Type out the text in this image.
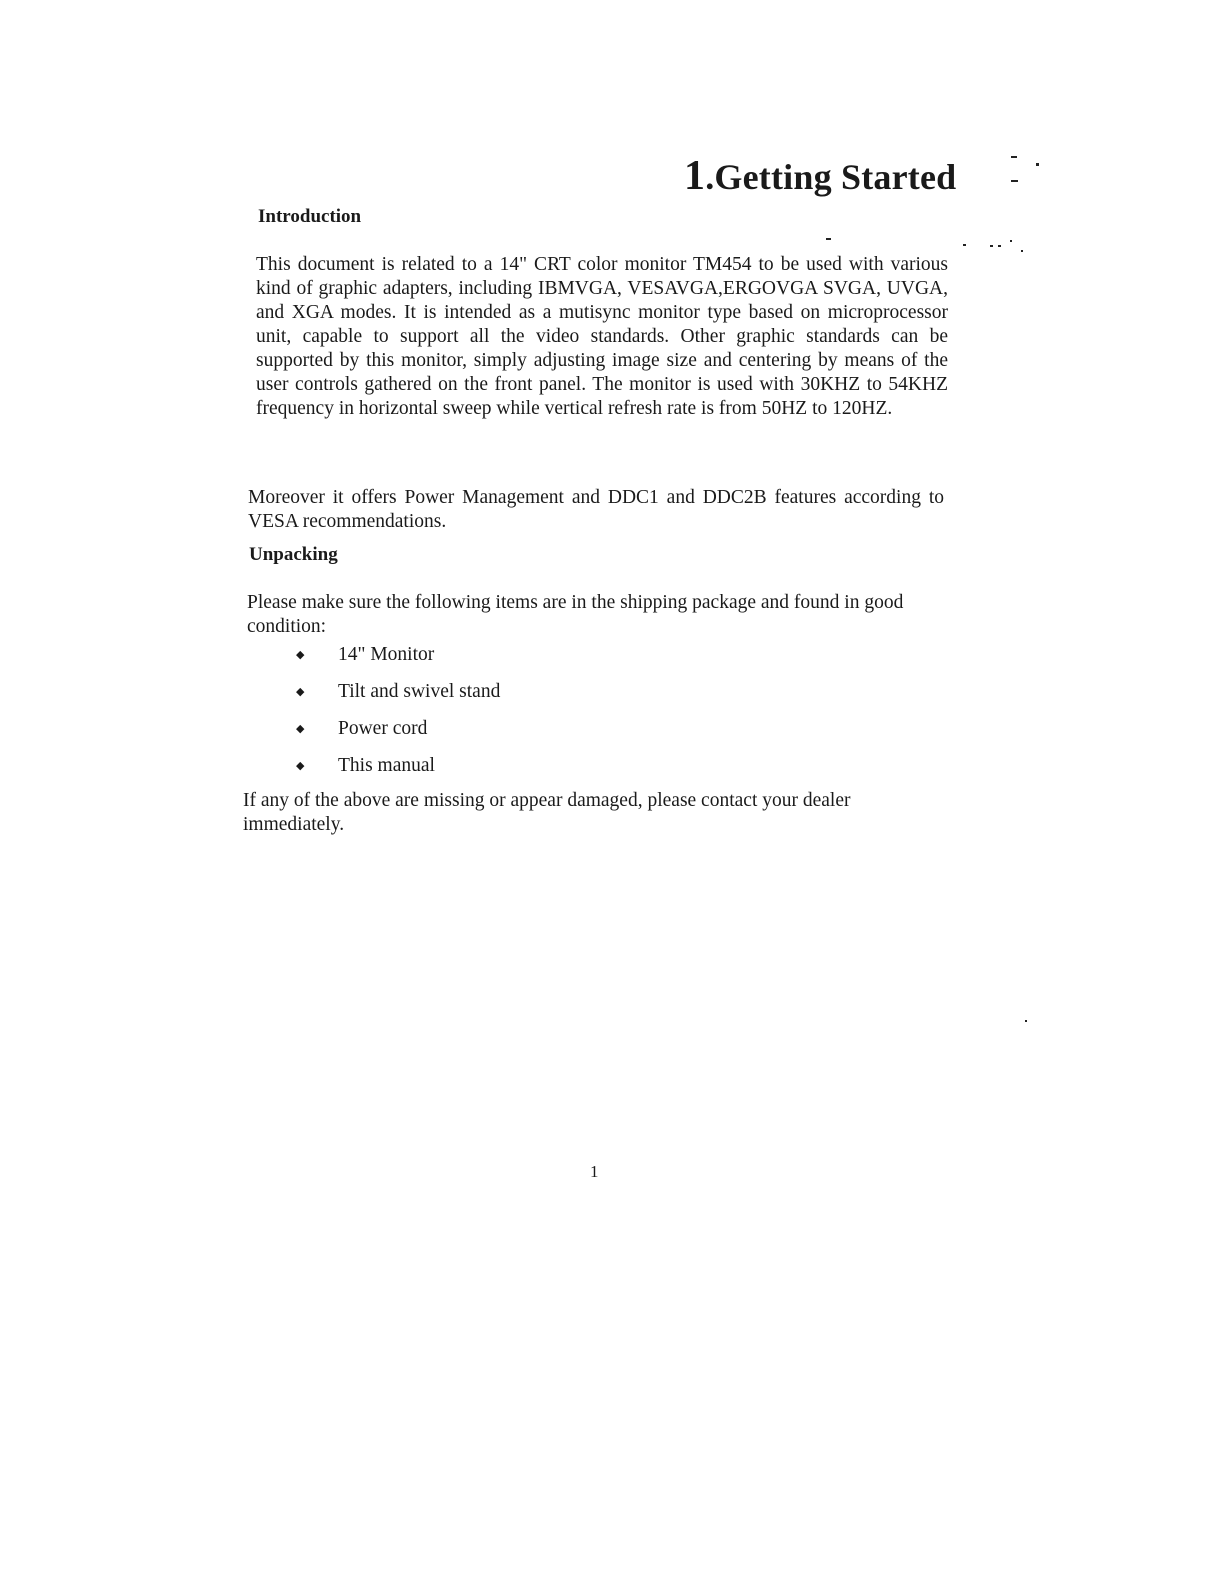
1.Getting Started
Introduction

This document is related to a 14" CRT color monitor TM454 to be used with various kind of graphic adapters, including IBMVGA, VESAVGA,ERGOVGA SVGA, UVGA, and XGA modes. It is intended as a mutisync monitor type based on microprocessor unit, capable to support all the video standards. Other graphic standards can be supported by this monitor, simply adjusting image size and centering by means of the user controls gathered on the front panel. The monitor is used with 30KHZ to 54KHZ frequency in horizontal sweep while vertical refresh rate is from 50HZ to 120HZ.

Moreover it offers Power Management and DDC1 and DDC2B features according to VESA recommendations.

Unpacking

Please make sure the following items are in the shipping package and found in good condition:

◆	14" Monitor
◆	Tilt and swivel stand
◆	Power cord
◆	This manual

If any of the above are missing or appear damaged, please contact your dealer immediately.

1
